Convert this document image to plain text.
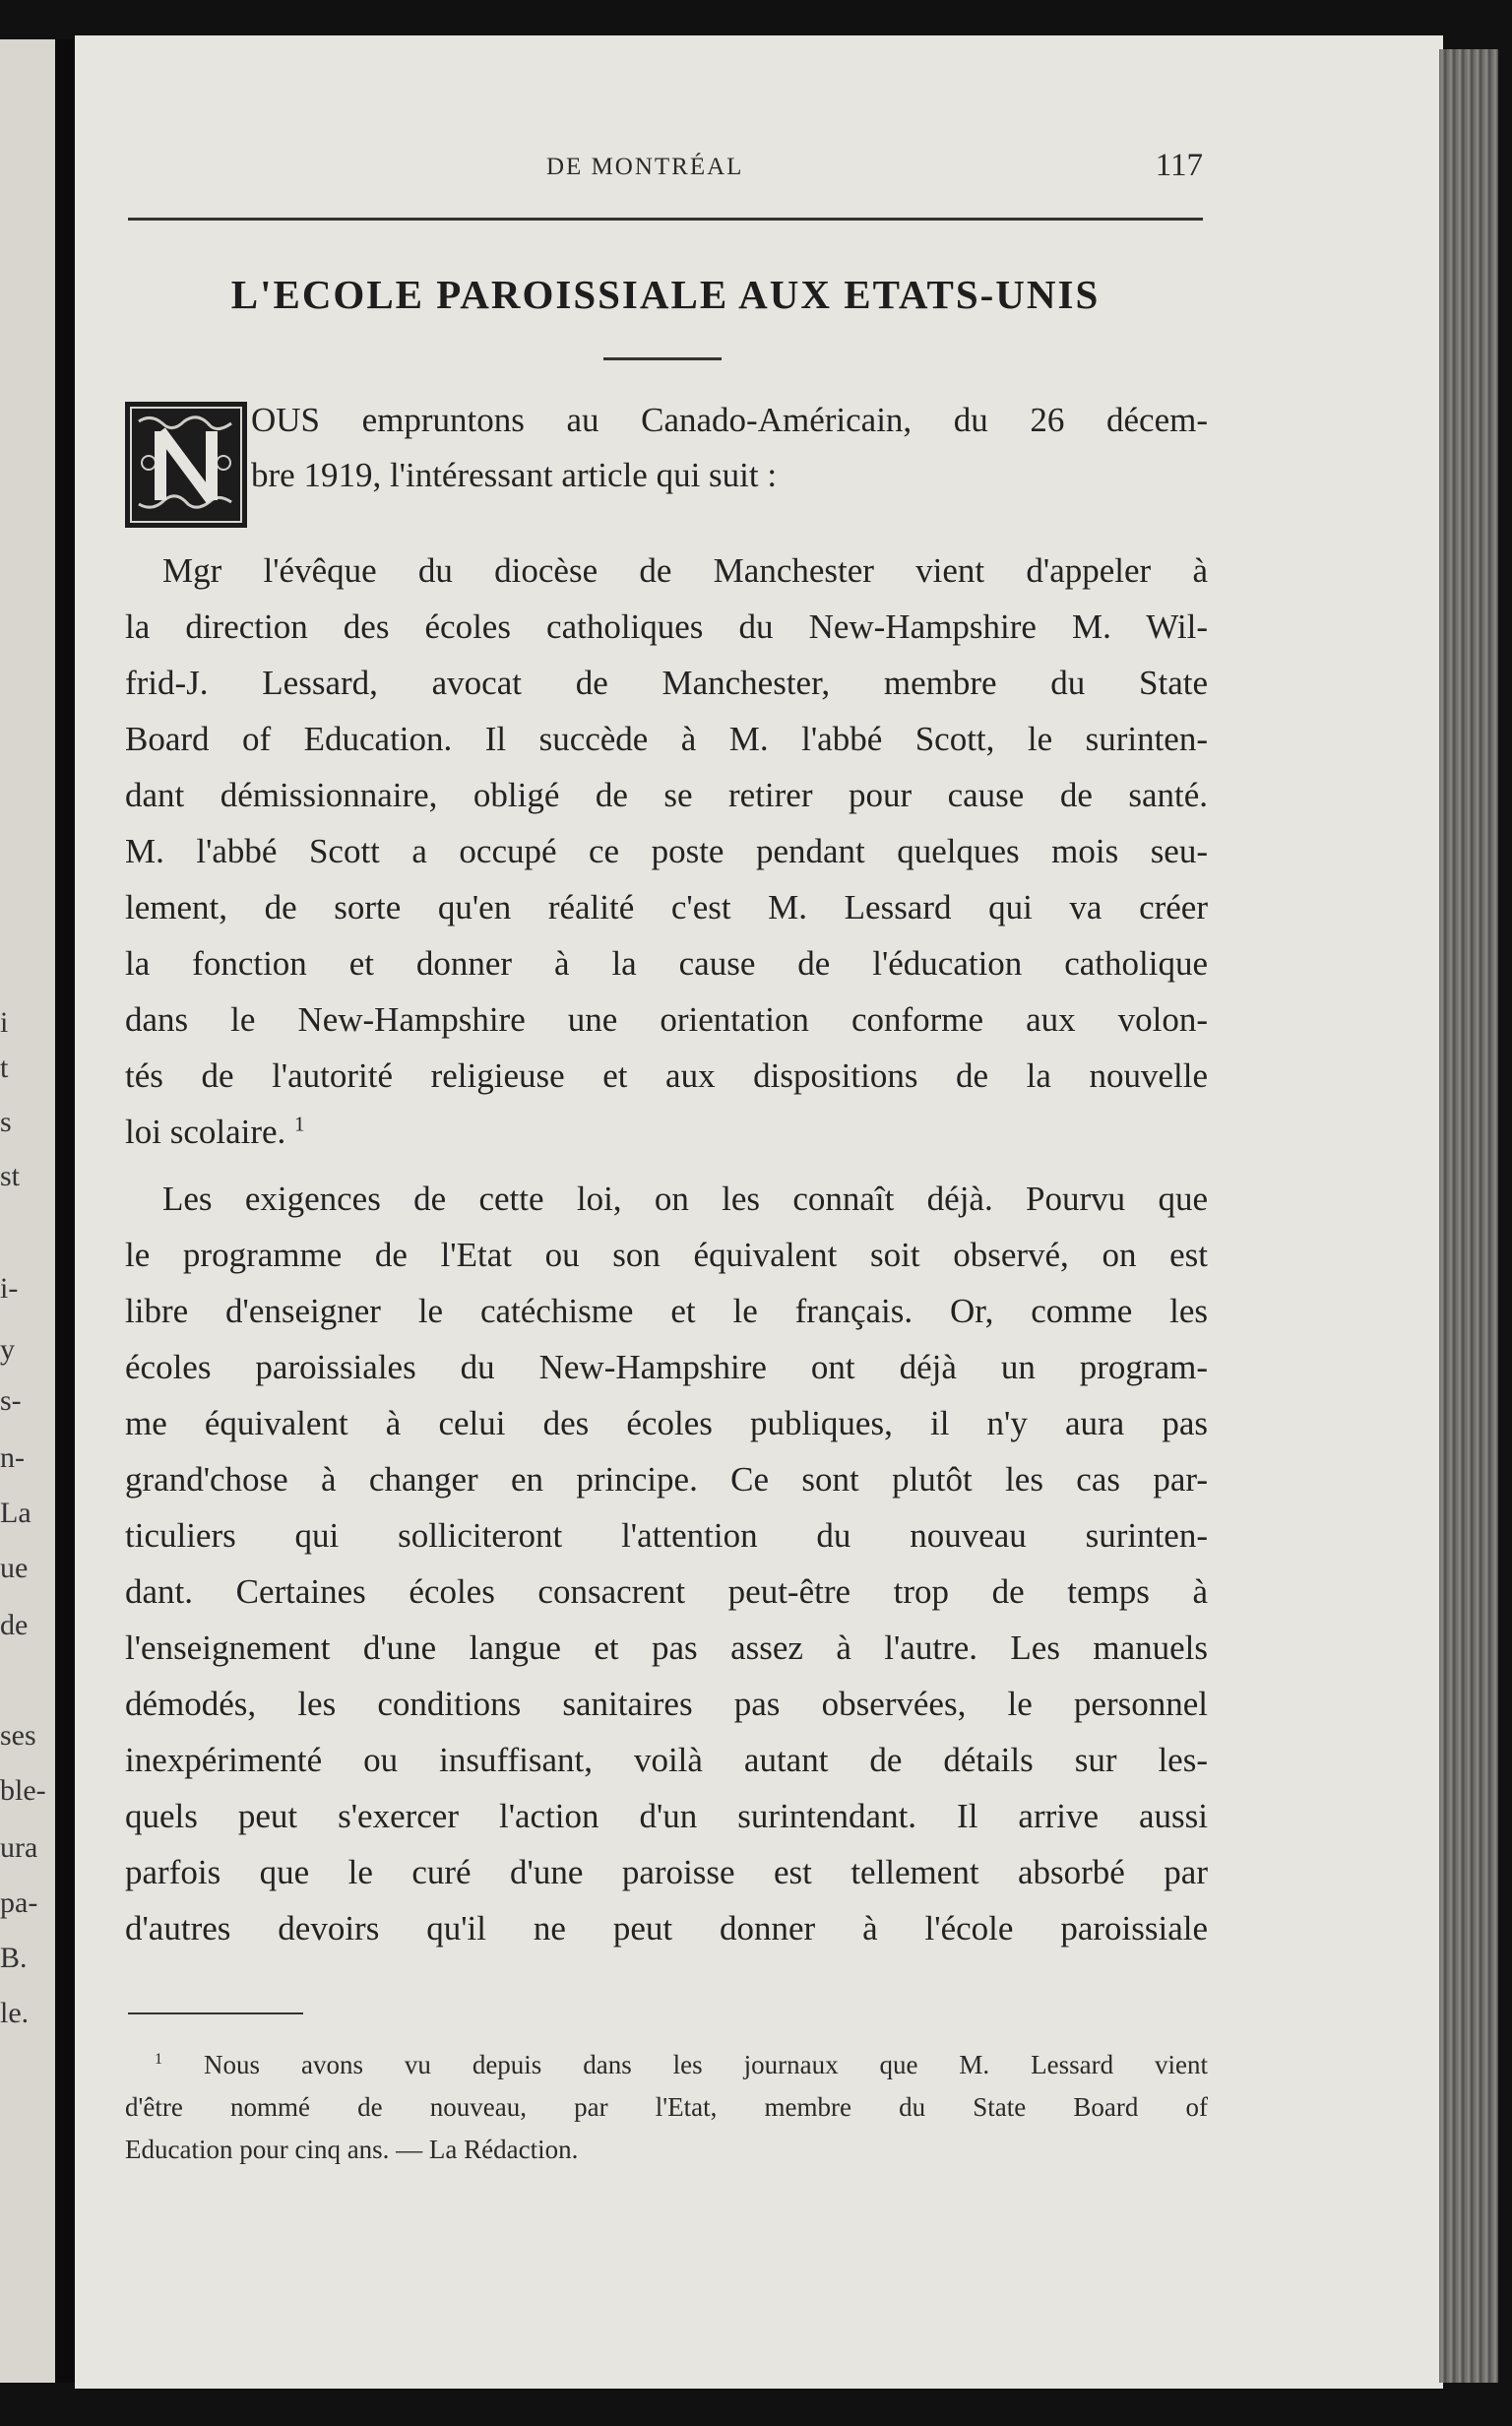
i
t
s
st
i-
y
s-
n-
La
ue
de
ses
ble-
ura
pa-
B.
le.
DE MONTRÉAL	117
L'ECOLE PAROISSIALE AUX ETATS-UNIS
OUS empruntons au Canado-Américain, du 26 décem-
bre 1919, l'intéressant article qui suit :
Mgr l'évêque du diocèse de Manchester vient d'appeler à
la direction des écoles catholiques du New-Hampshire M. Wil-
frid-J. Lessard, avocat de Manchester, membre du State
Board of Education. Il succède à M. l'abbé Scott, le surinten-
dant démissionnaire, obligé de se retirer pour cause de santé.
M. l'abbé Scott a occupé ce poste pendant quelques mois seu-
lement, de sorte qu'en réalité c'est M. Lessard qui va créer
la fonction et donner à la cause de l'éducation catholique
dans le New-Hampshire une orientation conforme aux volon-
tés de l'autorité religieuse et aux dispositions de la nouvelle
loi scolaire. $^1$
Les exigences de cette loi, on les connaît déjà. Pourvu que
le programme de l'Etat ou son équivalent soit observé, on est
libre d'enseigner le catéchisme et le français. Or, comme les
écoles paroissiales du New-Hampshire ont déjà un program-
me équivalent à celui des écoles publiques, il n'y aura pas
grand'chose à changer en principe. Ce sont plutôt les cas par-
ticuliers qui solliciteront l'attention du nouveau surinten-
dant. Certaines écoles consacrent peut-être trop de temps à
l'enseignement d'une langue et pas assez à l'autre. Les manuels
démodés, les conditions sanitaires pas observées, le personnel
inexpérimenté ou insuffisant, voilà autant de détails sur les-
quels peut s'exercer l'action d'un surintendant. Il arrive aussi
parfois que le curé d'une paroisse est tellement absorbé par
d'autres devoirs qu'il ne peut donner à l'école paroissiale
$^1$ Nous avons vu depuis dans les journaux que M. Lessard vient
d'être nommé de nouveau, par l'Etat, membre du State Board of
Education pour cinq ans. — La Rédaction.
